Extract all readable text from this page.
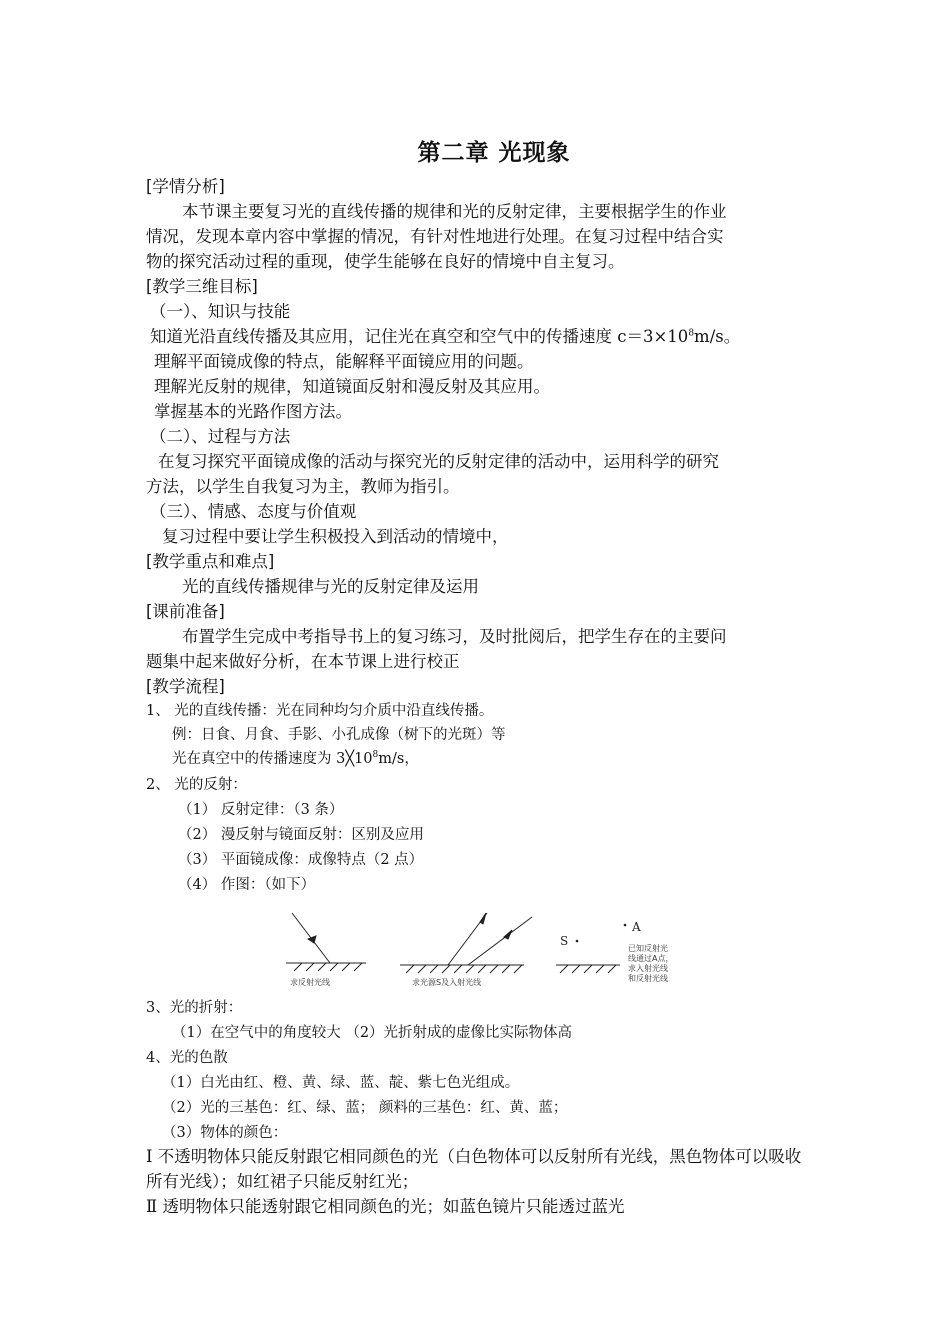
第二章 光现象
[学情分析]
本节课主要复习光的直线传播的规律和光的反射定律，主要根据学生的作业
情况，发现本章内容中掌握的情况，有针对性地进行处理。在复习过程中结合实
物的探究活动过程的重现，使学生能够在良好的情境中自主复习。
[教学三维目标]
（一）、知识与技能
知道光沿直线传播及其应用，记住光在真空和空气中的传播速度 $c=3\times 10^8m/s$。
理解平面镜成像的特点，能解释平面镜应用的问题。
理解光反射的规律，知道镜面反射和漫反射及其应用。
掌握基本的光路作图方法。
（二）、过程与方法
在复习探究平面镜成像的活动与探究光的反射定律的活动中，运用科学的研究
方法，以学生自我复习为主，教师为指引。
（三）、情感、态度与价值观
复习过程中要让学生积极投入到活动的情境中，
[教学重点和难点]
光的直线传播规律与光的反射定律及运用
[课前准备]
布置学生完成中考指导书上的复习练习，及时批阅后，把学生存在的主要问
题集中起来做好分析，在本节课上进行校正
[教学流程]
1、 光的直线传播：光在同种均匀介质中沿直线传播。
例：日食、月食、手影、小孔成像（树下的光斑）等
光在真空中的传播速度为 $3╳10^8m/s$，
2、 光的反射：
（1） 反射定律：（3 条）
（2） 漫反射与镜面反射：区别及应用
（3） 平面镜成像：成像特点（2 点）
（4） 作图：（如下）
求反射光线	求光源S及入射光线
S
A
已知反射光
线通过A点，
求入射光线
和反射光线
3、光的折射：
（1）在空气中的角度较大 （2）光折射成的虚像比实际物体高
4、光的色散
（1）白光由红、橙、黄、绿、蓝、靛、紫七色光组成。
（2）光的三基色：红、绿、蓝； 颜料的三基色：红、黄、蓝；
（3）物体的颜色：
Ⅰ 不透明物体只能反射跟它相同颜色的光（白色物体可以反射所有光线，黑色物体可以吸收
所有光线）；如红裙子只能反射红光；
Ⅱ 透明物体只能透射跟它相同颜色的光；如蓝色镜片只能透过蓝光
